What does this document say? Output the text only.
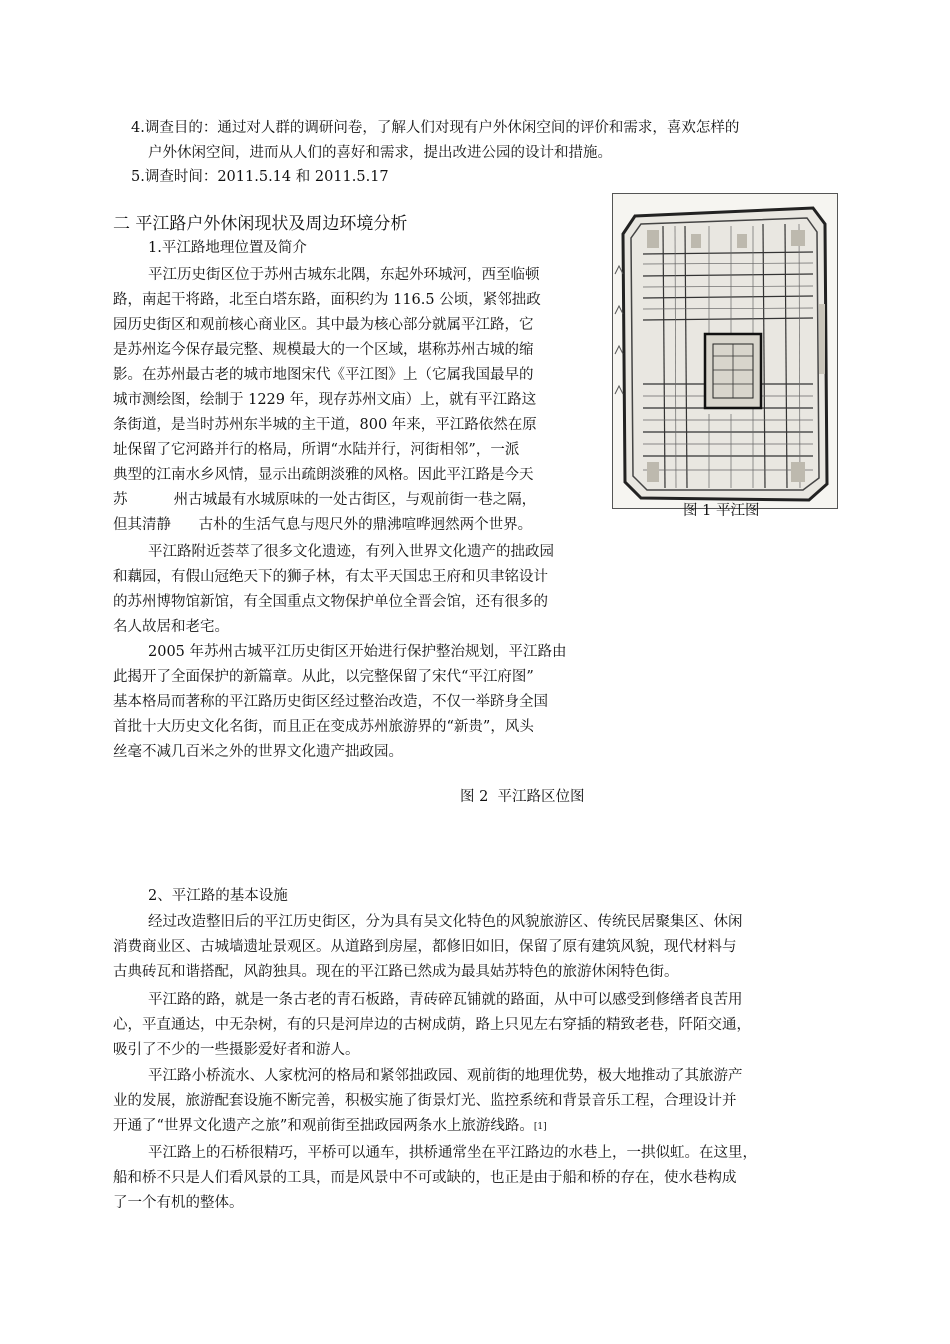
4.调查目的：通过对人群的调研问卷，了解人们对现有户外休闲空间的评价和需求，喜欢怎样的

户外休闲空间，进而从人们的喜好和需求，提出改进公园的设计和措施。

5.调查时间：2011.5.14 和 2011.5.17

二 平江路户外休闲现状及周边环境分析

1.平江路地理位置及简介

平江历史街区位于苏州古城东北隅，东起外环城河，西至临顿

路，南起干将路，北至白塔东路，面积约为 116.5 公顷，紧邻拙政

园历史街区和观前核心商业区。其中最为核心部分就属平江路，它

是苏州迄今保存最完整、规模最大的一个区域，堪称苏州古城的缩

影。在苏州最古老的城市地图宋代《平江图》上（它属我国最早的

城市测绘图，绘制于 1229 年，现存苏州文庙）上，就有平江路这

条街道，是当时苏州东半城的主干道，800 年来，平江路依然在原

址保留了它河路并行的格局，所谓“水陆并行，河街相邻”，一派

典型的江南水乡风情，显示出疏朗淡雅的风格。因此平江路是今天

苏          州古城最有水城原味的一处古街区，与观前街一巷之隔，

但其清静      古朴的生活气息与咫尺外的鼎沸喧哗迥然两个世界。

平江路附近荟萃了很多文化遗迹，有列入世界文化遗产的拙政园

和藕园，有假山冠绝天下的狮子林，有太平天国忠王府和贝聿铭设计

的苏州博物馆新馆，有全国重点文物保护单位全晋会馆，还有很多的

名人故居和老宅。

2005 年苏州古城平江历史街区开始进行保护整治规划，平江路由

此揭开了全面保护的新篇章。从此，以完整保留了宋代“平江府图”

基本格局而著称的平江路历史街区经过整治改造，不仅一举跻身全国

首批十大历史文化名街，而且正在变成苏州旅游界的“新贵”，风头

丝毫不减几百米之外的世界文化遗产拙政园。

图 1 平江图
图 2  平江路区位图

2、平江路的基本设施

经过改造整旧后的平江历史街区，分为具有吴文化特色的风貌旅游区、传统民居聚集区、休闲

消费商业区、古城墙遗址景观区。从道路到房屋，都修旧如旧，保留了原有建筑风貌，现代材料与

古典砖瓦和谐搭配，风韵独具。现在的平江路已然成为最具姑苏特色的旅游休闲特色街。

平江路的路，就是一条古老的青石板路，青砖碎瓦铺就的路面，从中可以感受到修缮者良苦用

心，平直通达，中无杂树，有的只是河岸边的古树成荫，路上只见左右穿插的精致老巷，阡陌交通，

吸引了不少的一些摄影爱好者和游人。

平江路小桥流水、人家枕河的格局和紧邻拙政园、观前街的地理优势，极大地推动了其旅游产

业的发展，旅游配套设施不断完善，积极实施了街景灯光、监控系统和背景音乐工程，合理设计并

开通了“世界文化遗产之旅”和观前街至拙政园两条水上旅游线路。[1]

平江路上的石桥很精巧，平桥可以通车，拱桥通常坐在平江路边的水巷上，一拱似虹。在这里，

船和桥不只是人们看风景的工具，而是风景中不可或缺的，也正是由于船和桥的存在，使水巷构成

了一个有机的整体。
